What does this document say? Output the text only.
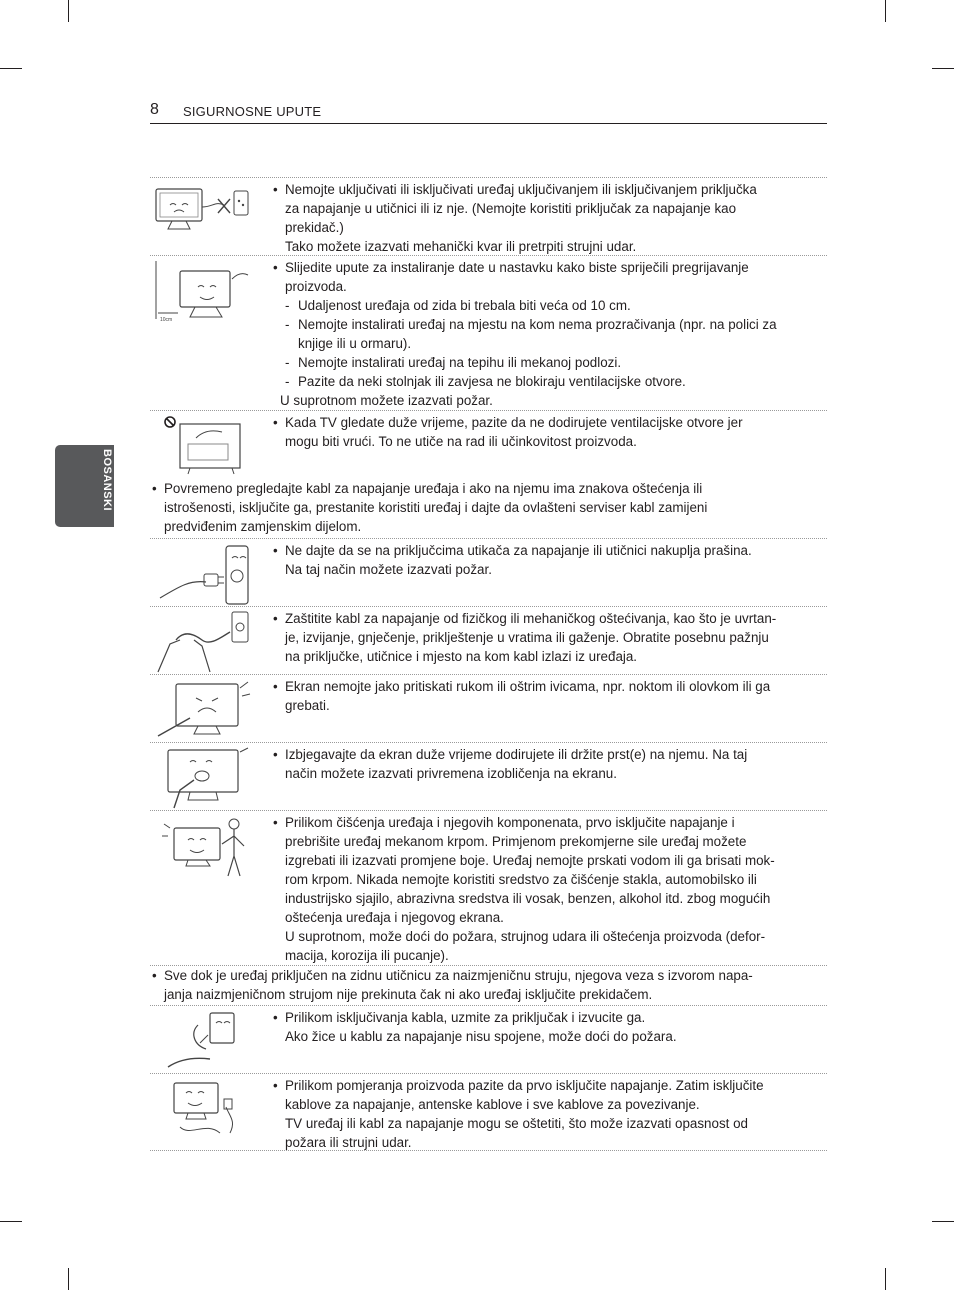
8 SIGURNOSNE UPUTE
BOSANSKI

• Nemojte uključivati ili isključivati uređaj uključivanjem ili isključivanjem priključka

za napajanje u utičnici ili iz nje. (Nemojte koristiti priključak za napajanje kao

prekidač.)

Tako možete izazvati mehanički kvar ili pretrpiti strujni udar.

10cm

• Slijedite upute za instaliranje date u nastavku kako biste spriječili pregrijavanje

proizvoda.

- Udaljenost uređaja od zida bi trebala biti veća od 10 cm.

- Nemojte instalirati uređaj na mjestu na kom nema prozračivanja (npr. na polici za

knjige ili u ormaru).

- Nemojte instalirati uređaj na tepihu ili mekanoj podlozi.

- Pazite da neki stolnjak ili zavjesa ne blokiraju ventilacijske otvore.

U suprotnom možete izazvati požar.

• Kada TV gledate duže vrijeme, pazite da ne dodirujete ventilacijske otvore jer

mogu biti vrući. To ne utiče na rad ili učinkovitost proizvoda.

• Povremeno pregledajte kabl za napajanje uređaja i ako na njemu ima znakova oštećenja ili

istrošenosti, isključite ga, prestanite koristiti uređaj i dajte da ovlašteni serviser kabl zamijeni

predviđenim zamjenskim dijelom.

• Ne dajte da se na priključcima utikača za napajanje ili utičnici nakuplja prašina.

Na taj način možete izazvati požar.

• Zaštitite kabl za napajanje od fizičkog ili mehaničkog oštećivanja, kao što je uvrtan-

je, izvijanje, gnječenje, priklještenje u vratima ili gaženje. Obratite posebnu pažnju

na priključke, utičnice i mjesto na kom kabl izlazi iz uređaja.

• Ekran nemojte jako pritiskati rukom ili oštrim ivicama, npr. noktom ili olovkom ili ga

grebati.

• Izbjegavajte da ekran duže vrijeme dodirujete ili držite prst(e) na njemu. Na taj

način možete izazvati privremena izobličenja na ekranu.

• Prilikom čišćenja uređaja i njegovih komponenata, prvo isključite napajanje i

prebrišite uređaj mekanom krpom. Primjenom prekomjerne sile uređaj možete

izgrebati ili izazvati promjene boje. Uređaj nemojte prskati vodom ili ga brisati mok-

rom krpom. Nikada nemojte koristiti sredstvo za čišćenje stakla, automobilsko ili

industrijsko sjajilo, abrazivna sredstva ili vosak, benzen, alkohol itd. zbog mogućih

oštećenja uređaja i njegovog ekrana.

U suprotnom, može doći do požara, strujnog udara ili oštećenja proizvoda (defor-

macija, korozija ili pucanje).

• Sve dok je uređaj priključen na zidnu utičnicu za naizmjeničnu struju, njegova veza s izvorom napa-

janja naizmjeničnom strujom nije prekinuta čak ni ako uređaj isključite prekidačem.

• Prilikom isključivanja kabla, uzmite za priključak i izvucite ga.

Ako žice u kablu za napajanje nisu spojene, može doći do požara.

• Prilikom pomjeranja proizvoda pazite da prvo isključite napajanje. Zatim isključite

kablove za napajanje, antenske kablove i sve kablove za povezivanje.

TV uređaj ili kabl za napajanje mogu se oštetiti, što može izazvati opasnost od

požara ili strujni udar.
